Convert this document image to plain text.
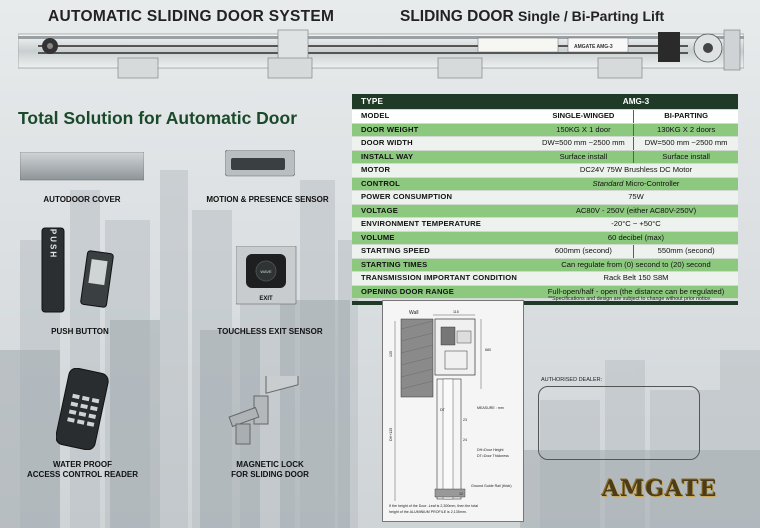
AUTOMATIC SLIDING DOOR SYSTEM	SLIDING DOOR Single / Bi-Parting Lift
AMGATE AMG-3
Total Solution for Automatic Door
AUTODOOR COVER	MOTION & PRESENCE SENSOR
PUSH
PUSH BUTTON
WAVE
EXIT
TOUCHLESS EXIT SENSOR
WATER PROOF
ACCESS CONTROL READER
MAGNETIC LOCK
FOR SLIDING DOOR
TYPE	AMG-3
MODEL	SINGLE-WINGED	BI-PARTING
DOOR WEIGHT	150KG X 1 door	130KG X 2 doors
DOOR WIDTH	DW=500 mm ~2500 mm	DW=500 mm ~2500 mm
INSTALL WAY	Surface install	Surface install
MOTOR	DC24V 75W Brushless DC Motor
CONTROL	Standard Micro-Controller
POWER CONSUMPTION	75W
VOLTAGE	AC80V - 250V (either AC80V-250V)
ENVIRONMENT TEMPERATURE	-20°C ~ +50°C
VOLUME	60 decibel (max)
STARTING SPEED	600mm (second)	550mm (second)
STARTING TIMES	Can regulate from (0) second to (20) second
TRANSMISSION IMPORTANT CONDITION	Rack Belt 150 S8M
OPENING DOOR RANGE	Full-open/half - open (the distance can be regulated)
**Specifications and design are subject to change without prior notice.
Wall	115
135
DH+135
680
DT
23
24
MEASURE : mm
DH=Door Height
DT=Door Thickness
Ground Guide Rail (thick)
12
If the height of the Door -Leaf is 2,300mm, then the total
height of the ALUMINIUM PROFILE is 2,135mm.
AUTHORISED DEALER:
AMGATE
